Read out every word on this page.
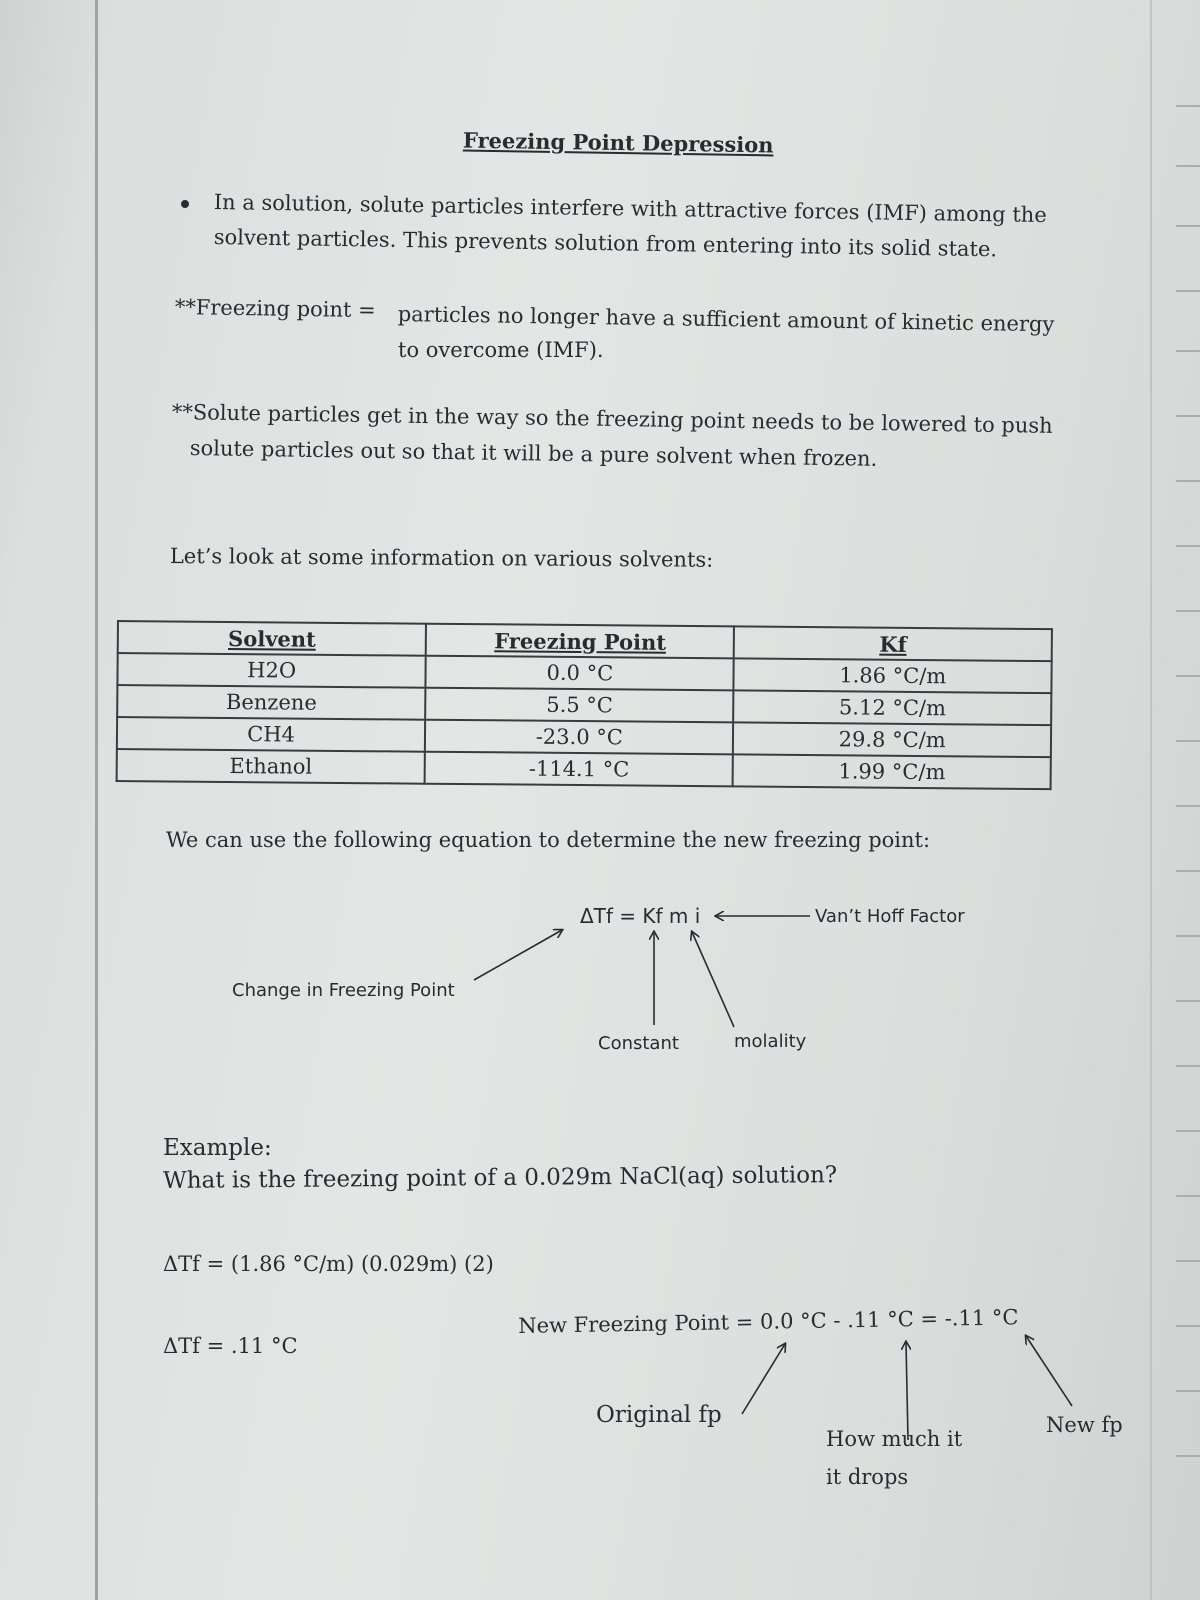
Freezing Point Depression
In a solution, solute particles interfere with attractive forces (IMF) among the
solvent particles. This prevents solution from entering into its solid state.
**Freezing point = particles no longer have a sufficient amount of kinetic energy
to overcome (IMF).
**Solute particles get in the way so the freezing point needs to be lowered to push
solute particles out so that it will be a pure solvent when frozen.
Let’s look at some information on various solvents:
Solvent	Freezing Point	Kf
H2O	0.0 °C	1.86 °C/m
Benzene	5.5 °C	5.12 °C/m
CH4	-23.0 °C	29.8 °C/m
Ethanol	-114.1 °C	1.99 °C/m
We can use the following equation to determine the new freezing point:
ΔTf = Kf m i	Van’t Hoff Factor
Change in Freezing Point
Constant	molality
Example:
What is the freezing point of a 0.029m NaCl(aq) solution?
ΔTf = (1.86 °C/m) (0.029m) (2)
ΔTf = .11 °C
New Freezing Point = 0.0 °C - .11 °C = -.11 °C
Original fp
How much it
it drops
New fp
